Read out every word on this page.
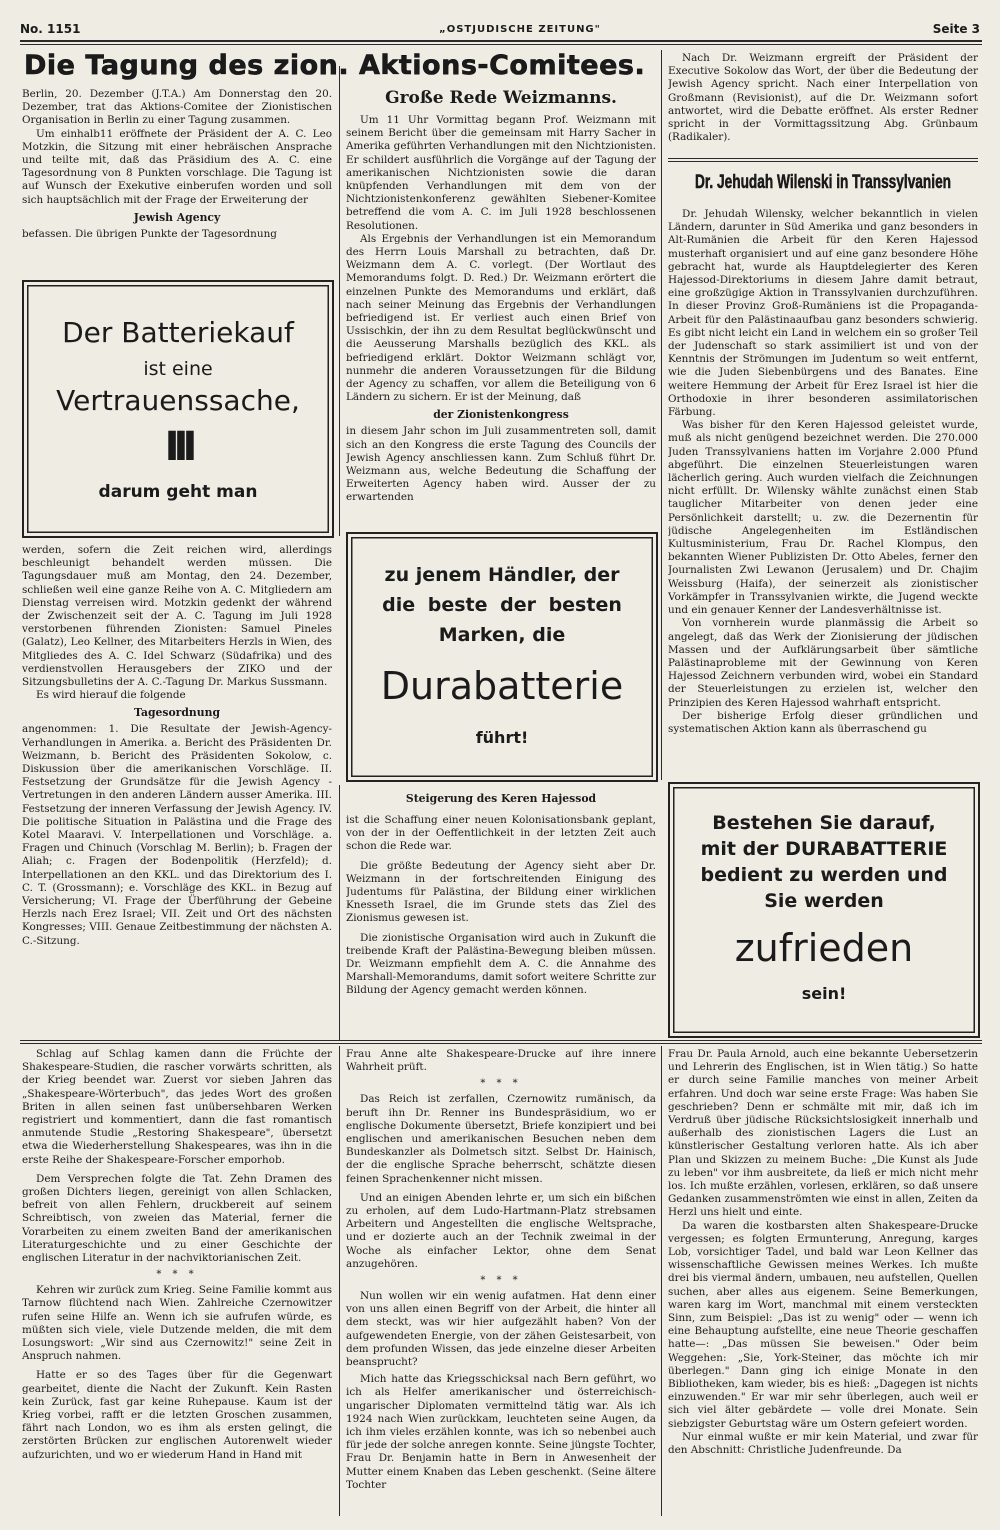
No. 1151	„OSTJÜDISCHE ZEITUNG"	Seite 3
Die Tagung des zion. Aktions-Comitees.

Berlin, 20. Dezember (J.T.A.) Am Donnerstag den 20. Dezember, trat das Aktions-Comitee der Zionistischen Organisation in Berlin zu einer Tagung zusammen.

Um einhalb11 eröffnete der Präsident der A. C. Leo Motzkin, die Sitzung mit einer hebräischen Ansprache und teilte mit, daß das Präsidium des A. C. eine Tagesordnung von 8 Punkten vorschlage. Die Tagung ist auf Wunsch der Exekutive einberufen worden und soll sich hauptsächlich mit der Frage der Erweiterung der

Jewish Agency

befassen. Die übrigen Punkte der Tagesordnung

Der Batteriekauf
ist eine
Vertrauenssache,
III
darum geht man

werden, sofern die Zeit reichen wird, allerdings beschleunigt behandelt werden müssen. Die Tagungsdauer muß am Montag, den 24. Dezember, schließen weil eine ganze Reihe von A. C. Mitgliedern am Dienstag verreisen wird. Motzkin gedenkt der während der Zwischenzeit seit der A. C. Tagung im Juli 1928 verstorbenen führenden Zionisten: Samuel Pineles (Galatz), Leo Kellner, des Mitarbeiters Herzls in Wien, des Mitgliedes des A. C. Idel Schwarz (Südafrika) und des verdienstvollen Herausgebers der ZIKO und der Sitzungsbulletins der A. C.-Tagung Dr. Markus Sussmann.

Es wird hierauf die folgende

Tagesordnung

angenommen: 1. Die Resultate der Jewish-Agency-Verhandlungen in Amerika. a. Bericht des Präsidenten Dr. Weizmann, b. Bericht des Präsidenten Sokolow, c. Diskussion über die amerikanischen Vorschläge. II. Festsetzung der Grundsätze für die Jewish Agency - Vertretungen in den anderen Ländern ausser Amerika. III. Festsetzung der inneren Verfassung der Jewish Agency. IV. Die politische Situation in Palästina und die Frage des Kotel Maaravi. V. Interpellationen und Vorschläge. a. Fragen und Chinuch (Vorschlag M. Berlin); b. Fragen der Aliah; c. Fragen der Bodenpolitik (Herzfeld); d. Interpellationen an den KKL. und das Direktorium des I. C. T. (Grossmann); e. Vorschläge des KKL. in Bezug auf Versicherung; VI. Frage der Überführung der Gebeine Herzls nach Erez Israel; VII. Zeit und Ort des nächsten Kongresses; VIII. Genaue Zeitbestimmung der nächsten A. C.-Sitzung.

Große Rede Weizmanns.

Um 11 Uhr Vormittag begann Prof. Weizmann mit seinem Bericht über die gemeinsam mit Harry Sacher in Amerika geführten Verhandlungen mit den Nichtzionisten. Er schildert ausführlich die Vorgänge auf der Tagung der amerikanischen Nichtzionisten sowie die daran knüpfenden Verhandlungen mit dem von der Nichtzionistenkonferenz gewählten Siebener-Komitee betreffend die vom A. C. im Juli 1928 beschlossenen Resolutionen.

Als Ergebnis der Verhandlungen ist ein Memorandum des Herrn Louis Marshall zu betrachten, daß Dr. Weizmann dem A. C. vorlegt. (Der Wortlaut des Memorandums folgt. D. Red.) Dr. Weizmann erörtert die einzelnen Punkte des Memorandums und erklärt, daß nach seiner Meinung das Ergebnis der Verhandlungen befriedigend ist. Er verliest auch einen Brief von Ussischkin, der ihn zu dem Resultat beglückwünscht und die Aeusserung Marshalls bezüglich des KKL. als befriedigend erklärt. Doktor Weizmann schlägt vor, nunmehr die anderen Voraussetzungen für die Bildung der Agency zu schaffen, vor allem die Beteiligung von 6 Ländern zu sichern. Er ist der Meinung, daß

der Zionistenkongress

in diesem Jahr schon im Juli zusammentreten soll, damit sich an den Kongress die erste Tagung des Councils der Jewish Agency anschliessen kann. Zum Schluß führt Dr. Weizmann aus, welche Bedeutung die Schaffung der Erweiterten Agency haben wird. Ausser der zu erwartenden

zu jenem Händler, der
die beste der besten
Marken, die
Durabatterie
führt!
Steigerung des Keren Hajessod

ist die Schaffung einer neuen Kolonisationsbank geplant, von der in der Oeffentlichkeit in der letzten Zeit auch schon die Rede war.

Die größte Bedeutung der Agency sieht aber Dr. Weizmann in der fortschreitenden Einigung des Judentums für Palästina, der Bildung einer wirklichen Knesseth Israel, die im Grunde stets das Ziel des Zionismus gewesen ist.

Die zionistische Organisation wird auch in Zukunft die treibende Kraft der Palästina-Bewegung bleiben müssen. Dr. Weizmann empfiehlt dem A. C. die Annahme des Marshall-Memorandums, damit sofort weitere Schritte zur Bildung der Agency gemacht werden können.

Nach Dr. Weizmann ergreift der Präsident der Executive Sokolow das Wort, der über die Bedeutung der Jewish Agency spricht. Nach einer Interpellation von Großmann (Revisionist), auf die Dr. Weizmann sofort antwortet, wird die Debatte eröffnet. Als erster Redner spricht in der Vormittagssitzung Abg. Grünbaum (Radikaler).

Dr. Jehudah Wilenski in Transsylvanien

Dr. Jehudah Wilensky, welcher bekanntlich in vielen Ländern, darunter in Süd Amerika und ganz besonders in Alt-Rumänien die Arbeit für den Keren Hajessod musterhaft organisiert und auf eine ganz besondere Höhe gebracht hat, wurde als Hauptdelegierter des Keren Hajessod-Direktoriums in diesem Jahre damit betraut, eine großzügige Aktion in Transsylvanien durchzuführen. In dieser Provinz Groß-Rumäniens ist die Propaganda-Arbeit für den Palästinaaufbau ganz besonders schwierig. Es gibt nicht leicht ein Land in welchem ein so großer Teil der Judenschaft so stark assimiliert ist und von der Kenntnis der Strömungen im Judentum so weit entfernt, wie die Juden Siebenbürgens und des Banates. Eine weitere Hemmung der Arbeit für Erez Israel ist hier die Orthodoxie in ihrer besonderen assimilatorischen Färbung.

Was bisher für den Keren Hajessod geleistet wurde, muß als nicht genügend bezeichnet werden. Die 270.000 Juden Transsylvaniens hatten im Vorjahre 2.000 Pfund abgeführt. Die einzelnen Steuerleistungen waren lächerlich gering. Auch wurden vielfach die Zeichnungen nicht erfüllt. Dr. Wilensky wählte zunächst einen Stab tauglicher Mitarbeiter von denen jeder eine Persönlichkeit darstellt; u. zw. die Dezernentin für jüdische Angelegenheiten im Estländischen Kultusministerium, Frau Dr. Rachel Klompus, den bekannten Wiener Publizisten Dr. Otto Abeles, ferner den Journalisten Zwi Lewanon (Jerusalem) und Dr. Chajim Weissburg (Haifa), der seinerzeit als zionistischer Vorkämpfer in Transsylvanien wirkte, die Jugend weckte und ein genauer Kenner der Landesverhältnisse ist.

Von vornherein wurde planmässig die Arbeit so angelegt, daß das Werk der Zionisierung der jüdischen Massen und der Aufklärungsarbeit über sämtliche Palästinaprobleme mit der Gewinnung von Keren Hajessod Zeichnern verbunden wird, wobei ein Standard der Steuerleistungen zu erzielen ist, welcher den Prinzipien des Keren Hajessod wahrhaft entspricht.

Der bisherige Erfolg dieser gründlichen und systematischen Aktion kann als überraschend gu

Bestehen Sie darauf,
mit der DURABATTERIE
bedient zu werden und
Sie werden
zufrieden
sein!

Schlag auf Schlag kamen dann die Früchte der Shakespeare-Studien, die rascher vorwärts schritten, als der Krieg beendet war. Zuerst vor sieben Jahren das „Shakespeare-Wörterbuch", das jedes Wort des großen Briten in allen seinen fast unübersehbaren Werken registriert und kommentiert, dann die fast romantisch anmutende Studie „Restoring Shakespeare", übersetzt etwa die Wiederherstellung Shakespeares, was ihn in die erste Reihe der Shakespeare-Forscher emporhob.

Dem Versprechen folgte die Tat. Zehn Dramen des großen Dichters liegen, gereinigt von allen Schlacken, befreit von allen Fehlern, druckbereit auf seinem Schreibtisch, von zweien das Material, ferner die Vorarbeiten zu einem zweiten Band der amerikanischen Literaturgeschichte und zu einer Geschichte der englischen Literatur in der nachviktorianischen Zeit.

* * *

Kehren wir zurück zum Krieg. Seine Familie kommt aus Tarnow flüchtend nach Wien. Zahlreiche Czernowitzer rufen seine Hilfe an. Wenn ich sie aufrufen würde, es müßten sich viele, viele Dutzende melden, die mit dem Losungswort: „Wir sind aus Czernowitz!" seine Zeit in Anspruch nahmen.

Hatte er so des Tages über für die Gegenwart gearbeitet, diente die Nacht der Zukunft. Kein Rasten kein Zurück, fast gar keine Ruhepause. Kaum ist der Krieg vorbei, rafft er die letzten Groschen zusammen, fährt nach London, wo es ihm als ersten gelingt, die zerstörten Brücken zur englischen Autorenwelt wieder aufzurichten, und wo er wiederum Hand in Hand mit

Frau Anne alte Shakespeare-Drucke auf ihre innere Wahrheit prüft.

* * *

Das Reich ist zerfallen, Czernowitz rumänisch, da beruft ihn Dr. Renner ins Bundespräsidium, wo er englische Dokumente übersetzt, Briefe konzipiert und bei englischen und amerikanischen Besuchen neben dem Bundeskanzler als Dolmetsch sitzt. Selbst Dr. Hainisch, der die englische Sprache beherrscht, schätzte diesen feinen Sprachenkenner nicht missen.

Und an einigen Abenden lehrte er, um sich ein bißchen zu erholen, auf dem Ludo-Hartmann-Platz strebsamen Arbeitern und Angestellten die englische Weltsprache, und er dozierte auch an der Technik zweimal in der Woche als einfacher Lektor, ohne dem Senat anzugehören.

* * *

Nun wollen wir ein wenig aufatmen. Hat denn einer von uns allen einen Begriff von der Arbeit, die hinter all dem steckt, was wir hier aufgezählt haben? Von der aufgewendeten Energie, von der zähen Geistesarbeit, von dem profunden Wissen, das jede einzelne dieser Arbeiten beansprucht?

Mich hatte das Kriegsschicksal nach Bern geführt, wo ich als Helfer amerikanischer und österreichisch-ungarischer Diplomaten vermittelnd tätig war. Als ich 1924 nach Wien zurückkam, leuchteten seine Augen, da ich ihm vieles erzählen konnte, was ich so nebenbei auch für jede der solche anregen konnte. Seine jüngste Tochter, Frau Dr. Benjamin hatte in Bern in Anwesenheit der Mutter einem Knaben das Leben geschenkt. (Seine ältere Tochter

Frau Dr. Paula Arnold, auch eine bekannte Uebersetzerin und Lehrerin des Englischen, ist in Wien tätig.) So hatte er durch seine Familie manches von meiner Arbeit erfahren. Und doch war seine erste Frage: Was haben Sie geschrieben? Denn er schmälte mit mir, daß ich im Verdruß über jüdische Rücksichtslosigkeit innerhalb und außerhalb des zionistischen Lagers die Lust an künstlerischer Gestaltung verloren hatte. Als ich aber Plan und Skizzen zu meinem Buche: „Die Kunst als Jude zu leben" vor ihm ausbreitete, da ließ er mich nicht mehr los. Ich mußte erzählen, vorlesen, erklären, so daß unsere Gedanken zusammenströmten wie einst in allen, Zeiten da Herzl uns hielt und einte.

Da waren die kostbarsten alten Shakespeare-Drucke vergessen; es folgten Ermunterung, Anregung, karges Lob, vorsichtiger Tadel, und bald war Leon Kellner das wissenschaftliche Gewissen meines Werkes. Ich mußte drei bis viermal ändern, umbauen, neu aufstellen, Quellen suchen, aber alles aus eigenem. Seine Bemerkungen, waren karg im Wort, manchmal mit einem versteckten Sinn, zum Beispiel: „Das ist zu wenig" oder — wenn ich eine Behauptung aufstellte, eine neue Theorie geschaffen hatte—: „Das müssen Sie beweisen." Oder beim Weggehen: „Sie, York-Steiner, das möchte ich mir überlegen." Dann ging ich einige Monate in den Bibliotheken, kam wieder, bis es hieß: „Dagegen ist nichts einzuwenden." Er war mir sehr überlegen, auch weil er sich viel älter gebärdete — volle drei Monate. Sein siebzigster Geburtstag wäre um Ostern gefeiert worden.

Nur einmal wußte er mir kein Material, und zwar für den Abschnitt: Christliche Judenfreunde. Da
